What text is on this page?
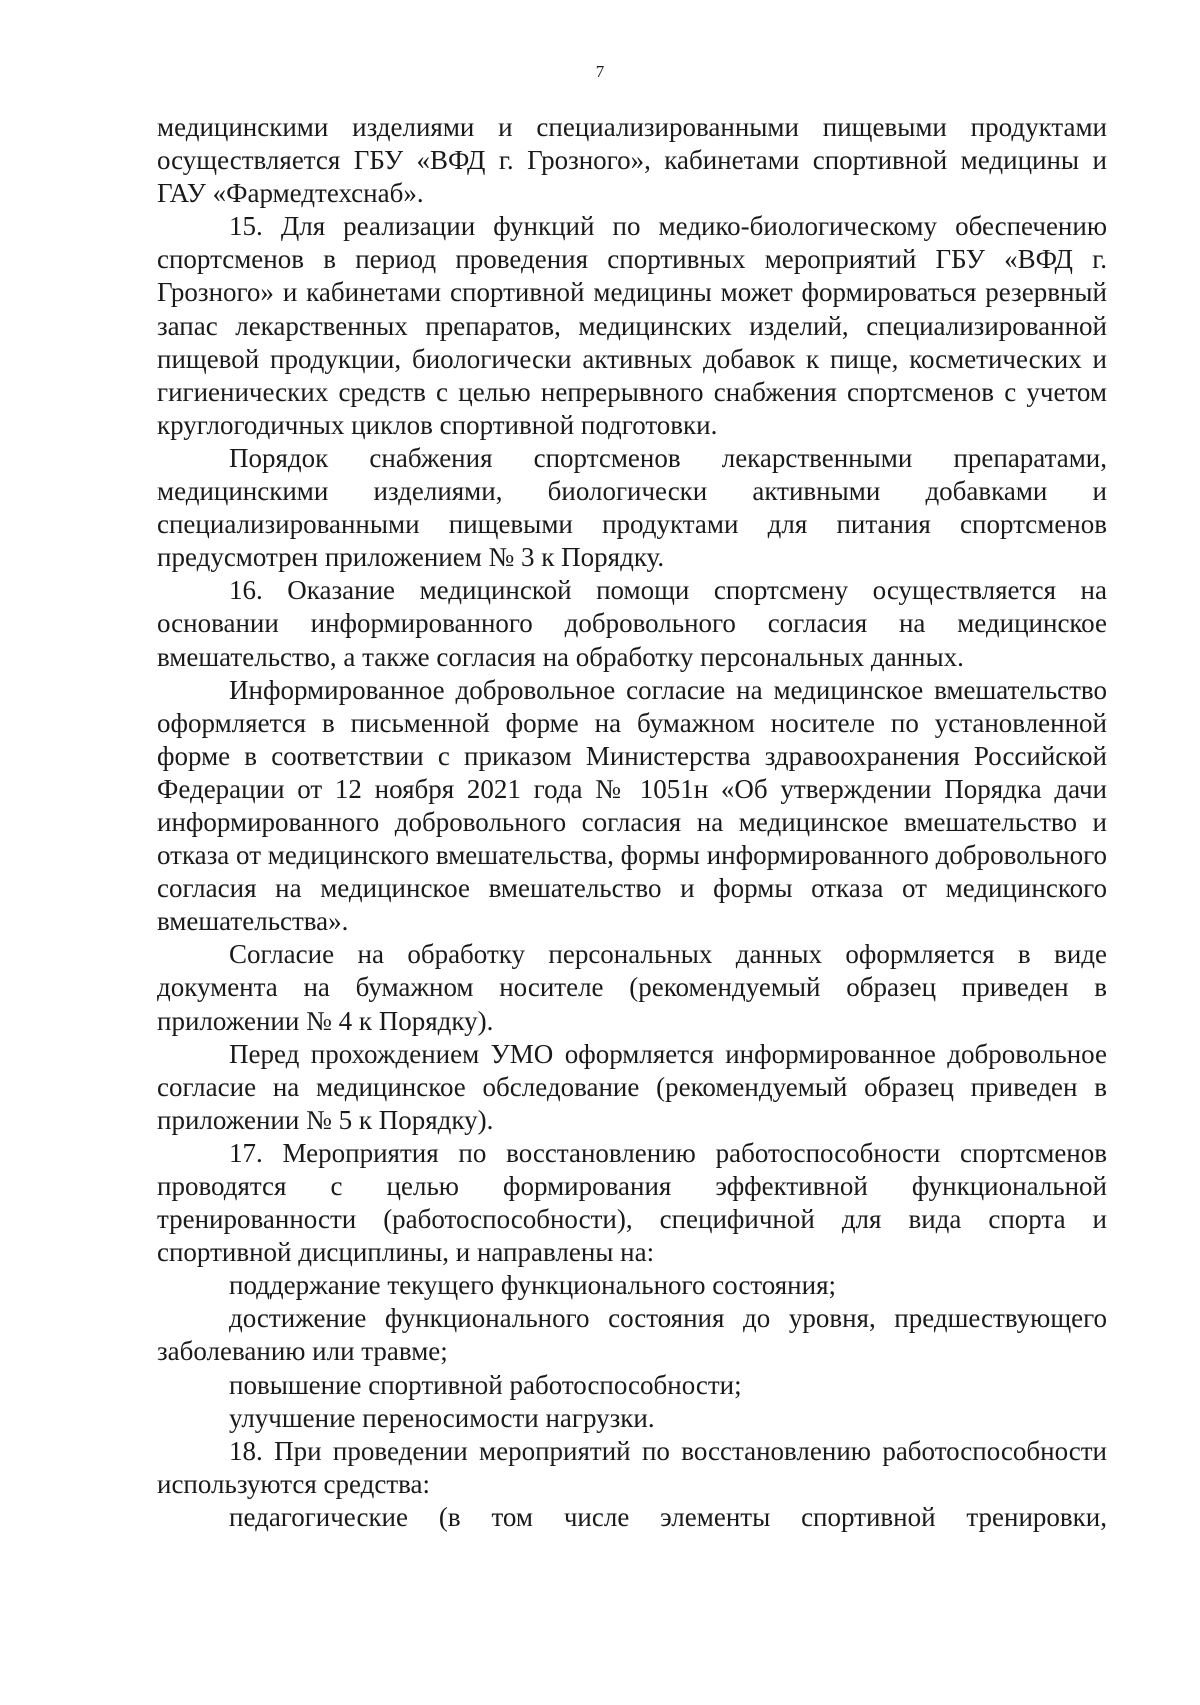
7

медицинскими изделиями и специализированными пищевыми продуктами осуществляется ГБУ «ВФД г. Грозного», кабинетами спортивной медицины и ГАУ «Фармедтехснаб».

15. Для реализации функций по медико-биологическому обеспечению спортсменов в период проведения спортивных мероприятий ГБУ «ВФД г. Грозного» и кабинетами спортивной медицины может формироваться резервный запас лекарственных препаратов, медицинских изделий, специализированной пищевой продукции, биологически активных добавок к пище, косметических и гигиенических средств с целью непрерывного снабжения спортсменов с учетом круглогодичных циклов спортивной подготовки.

Порядок снабжения спортсменов лекарственными препаратами, медицинскими изделиями, биологически активными добавками и специализированными пищевыми продуктами для питания спортсменов предусмотрен приложением № 3 к Порядку.

16. Оказание медицинской помощи спортсмену осуществляется на основании информированного добровольного согласия на медицинское вмешательство, а также согласия на обработку персональных данных.

Информированное добровольное согласие на медицинское вмешательство оформляется в письменной форме на бумажном носителе по установленной форме в соответствии с приказом Министерства здравоохранения Российской Федерации от 12 ноября 2021 года № 1051н «Об утверждении Порядка дачи информированного добровольного согласия на медицинское вмешательство и отказа от медицинского вмешательства, формы информированного добровольного согласия на медицинское вмешательство и формы отказа от медицинского вмешательства».

Согласие на обработку персональных данных оформляется в виде документа на бумажном носителе (рекомендуемый образец приведен в приложении № 4 к Порядку).

Перед прохождением УМО оформляется информированное добровольное согласие на медицинское обследование (рекомендуемый образец приведен в приложении № 5 к Порядку).

17. Мероприятия по восстановлению работоспособности спортсменов проводятся с целью формирования эффективной функциональной тренированности (работоспособности), специфичной для вида спорта и спортивной дисциплины, и направлены на:

поддержание текущего функционального состояния;

достижение функционального состояния до уровня, предшествующего заболеванию или травме;

повышение спортивной работоспособности;

улучшение переносимости нагрузки.

18. При проведении мероприятий по восстановлению работоспособности используются средства:

педагогические (в том числе элементы спортивной тренировки,
